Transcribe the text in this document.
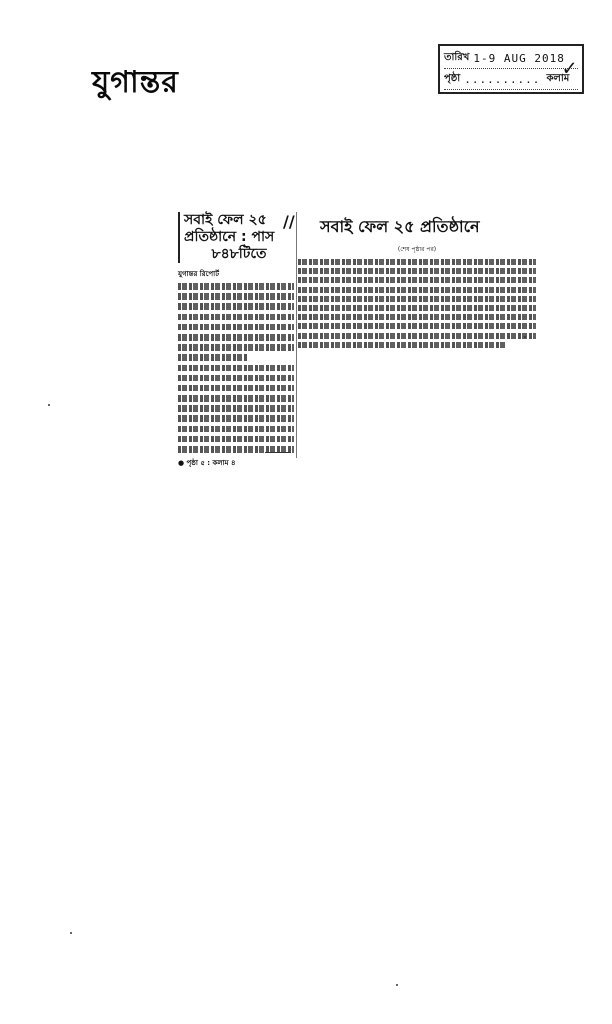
যুগান্তর
তারিখ 1-9 AUG 2018
পৃষ্ঠা .......... কলাম
✓
//
সবাই ফেল ২৫
প্রতিষ্ঠানে : পাস

৮৪৮টিতে
যুগান্তর রিপোর্ট
● পৃষ্ঠা ৫ : কলাম ৪
সবাই ফেল ২৫ প্রতিষ্ঠানে
(শেষ পৃষ্ঠার পর)
